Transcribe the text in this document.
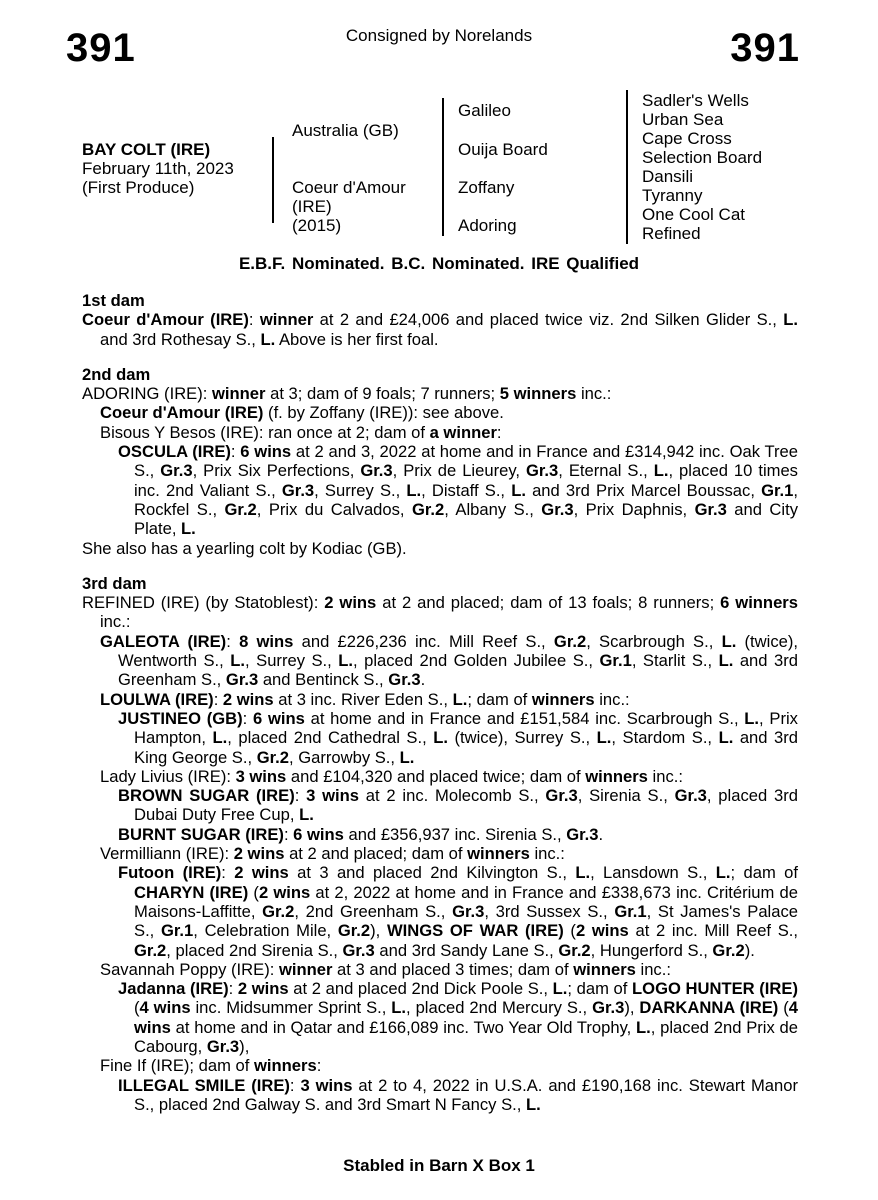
391	Consigned by Norelands	391
BAY COLT (IRE)
February 11th, 2023
(First Produce)
Australia (GB)
Coeur d'Amour
(IRE)
(2015)
Galileo
Ouija Board
Zoffany
Adoring
Sadler's Wells
Urban Sea
Cape Cross
Selection Board
Dansili
Tyranny
One Cool Cat
Refined
E.B.F. Nominated. B.C. Nominated. IRE Qualified
1st dam

Coeur d'Amour (IRE): winner at 2 and £24,006 and placed twice viz. 2nd Silken Glider S., L. and 3rd Rothesay S., L. Above is her first foal.

2nd dam

ADORING (IRE): winner at 3; dam of 9 foals; 7 runners; 5 winners inc.:

Coeur d'Amour (IRE) (f. by Zoffany (IRE)): see above.

Bisous Y Besos (IRE): ran once at 2; dam of a winner:

OSCULA (IRE): 6 wins at 2 and 3, 2022 at home and in France and £314,942 inc. Oak Tree S., Gr.3, Prix Six Perfections, Gr.3, Prix de Lieurey, Gr.3, Eternal S., L., placed 10 times inc. 2nd Valiant S., Gr.3, Surrey S., L., Distaff S., L. and 3rd Prix Marcel Boussac, Gr.1, Rockfel S., Gr.2, Prix du Calvados, Gr.2, Albany S., Gr.3, Prix Daphnis, Gr.3 and City Plate, L.

She also has a yearling colt by Kodiac (GB).

3rd dam

REFINED (IRE) (by Statoblest): 2 wins at 2 and placed; dam of 13 foals; 8 runners; 6 winners inc.:

GALEOTA (IRE): 8 wins and £226,236 inc. Mill Reef S., Gr.2, Scarbrough S., L. (twice), Wentworth S., L., Surrey S., L., placed 2nd Golden Jubilee S., Gr.1, Starlit S., L. and 3rd Greenham S., Gr.3 and Bentinck S., Gr.3.

LOULWA (IRE): 2 wins at 3 inc. River Eden S., L.; dam of winners inc.:

JUSTINEO (GB): 6 wins at home and in France and £151,584 inc. Scarbrough S., L., Prix Hampton, L., placed 2nd Cathedral S., L. (twice), Surrey S., L., Stardom S., L. and 3rd King George S., Gr.2, Garrowby S., L.

Lady Livius (IRE): 3 wins and £104,320 and placed twice; dam of winners inc.:

BROWN SUGAR (IRE): 3 wins at 2 inc. Molecomb S., Gr.3, Sirenia S., Gr.3, placed 3rd Dubai Duty Free Cup, L.

BURNT SUGAR (IRE): 6 wins and £356,937 inc. Sirenia S., Gr.3.

Vermilliann (IRE): 2 wins at 2 and placed; dam of winners inc.:

Futoon (IRE): 2 wins at 3 and placed 2nd Kilvington S., L., Lansdown S., L.; dam of CHARYN (IRE) (2 wins at 2, 2022 at home and in France and £338,673 inc. Critérium de Maisons-Laffitte, Gr.2, 2nd Greenham S., Gr.3, 3rd Sussex S., Gr.1, St James's Palace S., Gr.1, Celebration Mile, Gr.2), WINGS OF WAR (IRE) (2 wins at 2 inc. Mill Reef S., Gr.2, placed 2nd Sirenia S., Gr.3 and 3rd Sandy Lane S., Gr.2, Hungerford S., Gr.2).

Savannah Poppy (IRE): winner at 3 and placed 3 times; dam of winners inc.:

Jadanna (IRE): 2 wins at 2 and placed 2nd Dick Poole S., L.; dam of LOGO HUNTER (IRE) (4 wins inc. Midsummer Sprint S., L., placed 2nd Mercury S., Gr.3), DARKANNA (IRE) (4 wins at home and in Qatar and £166,089 inc. Two Year Old Trophy, L., placed 2nd Prix de Cabourg, Gr.3),

Fine If (IRE); dam of winners:

ILLEGAL SMILE (IRE): 3 wins at 2 to 4, 2022 in U.S.A. and £190,168 inc. Stewart Manor S., placed 2nd Galway S. and 3rd Smart N Fancy S., L.

Stabled in Barn X Box 1
